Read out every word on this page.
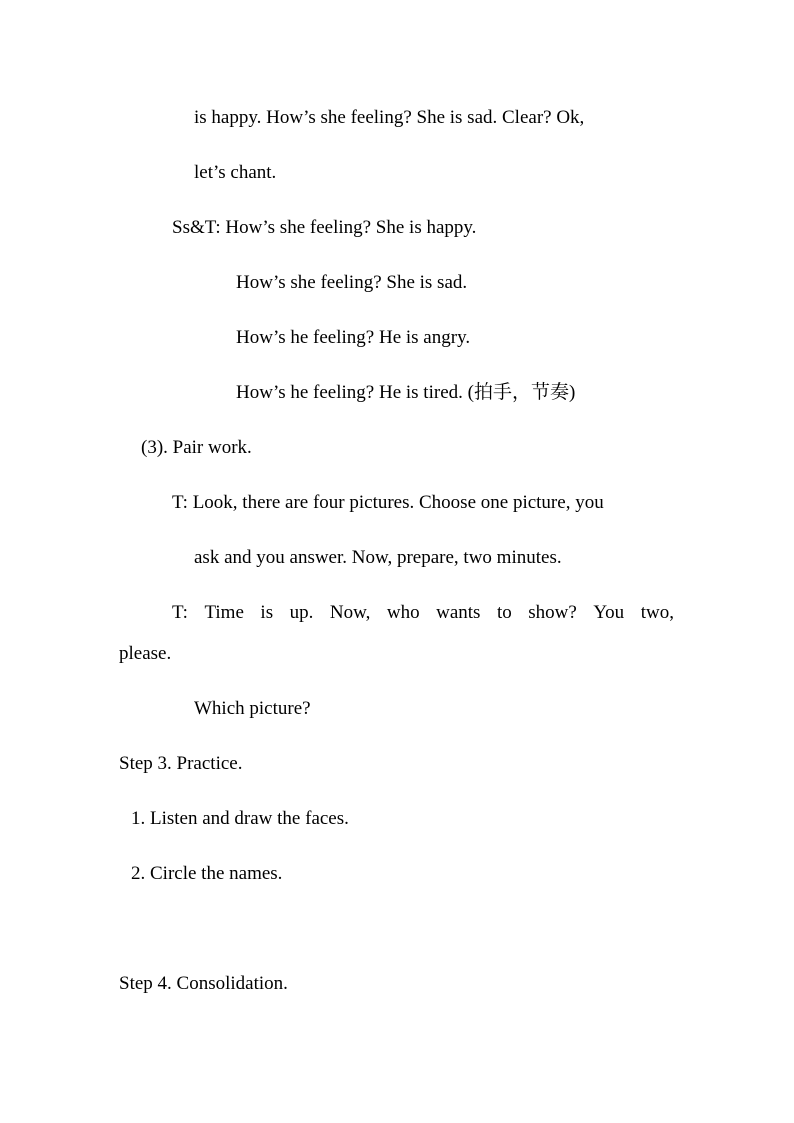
is happy. How’s she feeling? She is sad. Clear? Ok,
let’s chant.
Ss&T: How’s she feeling? She is happy.
How’s she feeling? She is sad.
How’s he feeling? He is angry.
How’s he feeling? He is tired. (拍手，节奏)
(3). Pair work.
T: Look, there are four pictures. Choose one picture, you
ask and you answer. Now, prepare, two minutes.
T: Time is up. Now, who wants to show? You two,
please.
Which picture?
Step 3. Practice.
1. Listen and draw the faces.
2. Circle the names.
Step 4. Consolidation.
